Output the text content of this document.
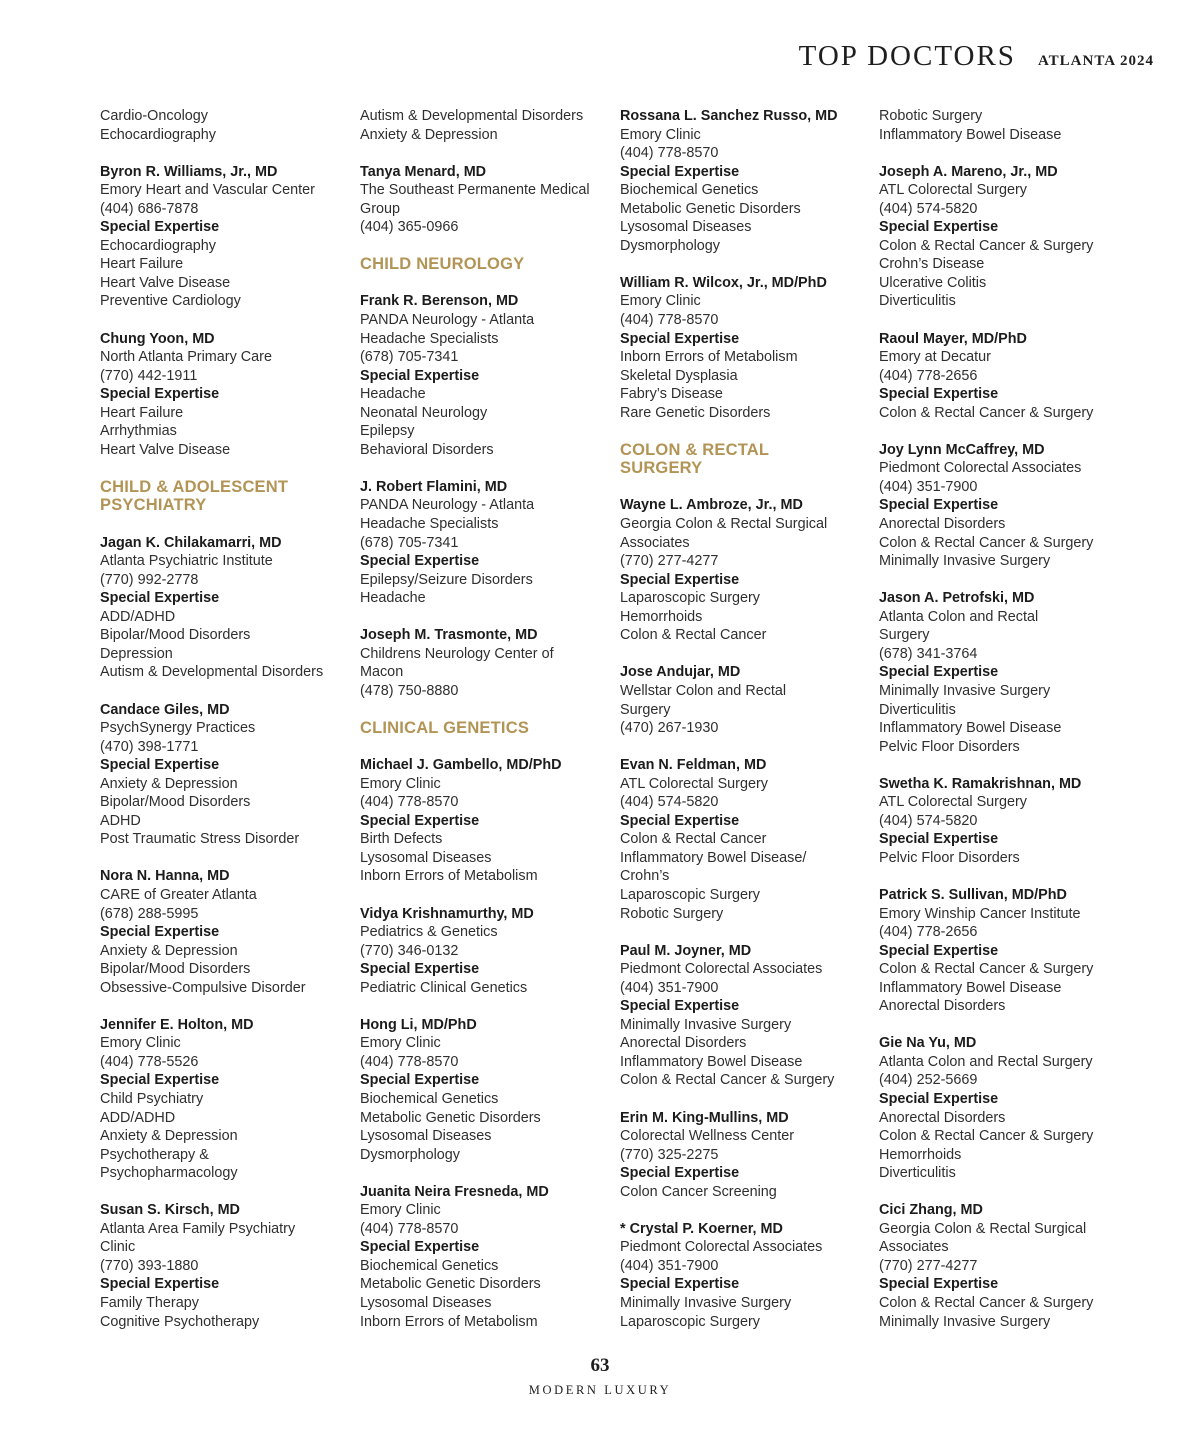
TOP DOCTORS ATLANTA 2024
Cardio-Oncology
Echocardiography
Byron R. Williams, Jr., MD
Emory Heart and Vascular Center
(404) 686-7878
Special Expertise
Echocardiography
Heart Failure
Heart Valve Disease
Preventive Cardiology
Chung Yoon, MD
North Atlanta Primary Care
(770) 442-1911
Special Expertise
Heart Failure
Arrhythmias
Heart Valve Disease
CHILD & ADOLESCENT
PSYCHIATRY
Jagan K. Chilakamarri, MD
Atlanta Psychiatric Institute
(770) 992-2778
Special Expertise
ADD/ADHD
Bipolar/Mood Disorders
Depression
Autism & Developmental Disorders
Candace Giles, MD
PsychSynergy Practices
(470) 398-1771
Special Expertise
Anxiety & Depression
Bipolar/Mood Disorders
ADHD
Post Traumatic Stress Disorder
Nora N. Hanna, MD
CARE of Greater Atlanta
(678) 288-5995
Special Expertise
Anxiety & Depression
Bipolar/Mood Disorders
Obsessive-Compulsive Disorder
Jennifer E. Holton, MD
Emory Clinic
(404) 778-5526
Special Expertise
Child Psychiatry
ADD/ADHD
Anxiety & Depression
Psychotherapy &
Psychopharmacology
Susan S. Kirsch, MD
Atlanta Area Family Psychiatry
Clinic
(770) 393-1880
Special Expertise
Family Therapy
Cognitive Psychotherapy
Autism & Developmental Disorders
Anxiety & Depression
Tanya Menard, MD
The Southeast Permanente Medical
Group
(404) 365-0966
CHILD NEUROLOGY
Frank R. Berenson, MD
PANDA Neurology - Atlanta
Headache Specialists
(678) 705-7341
Special Expertise
Headache
Neonatal Neurology
Epilepsy
Behavioral Disorders
J. Robert Flamini, MD
PANDA Neurology - Atlanta
Headache Specialists
(678) 705-7341
Special Expertise
Epilepsy/Seizure Disorders
Headache
Joseph M. Trasmonte, MD
Childrens Neurology Center of
Macon
(478) 750-8880
CLINICAL GENETICS
Michael J. Gambello, MD/PhD
Emory Clinic
(404) 778-8570
Special Expertise
Birth Defects
Lysosomal Diseases
Inborn Errors of Metabolism
Vidya Krishnamurthy, MD
Pediatrics & Genetics
(770) 346-0132
Special Expertise
Pediatric Clinical Genetics
Hong Li, MD/PhD
Emory Clinic
(404) 778-8570
Special Expertise
Biochemical Genetics
Metabolic Genetic Disorders
Lysosomal Diseases
Dysmorphology
Juanita Neira Fresneda, MD
Emory Clinic
(404) 778-8570
Special Expertise
Biochemical Genetics
Metabolic Genetic Disorders
Lysosomal Diseases
Inborn Errors of Metabolism
Rossana L. Sanchez Russo, MD
Emory Clinic
(404) 778-8570
Special Expertise
Biochemical Genetics
Metabolic Genetic Disorders
Lysosomal Diseases
Dysmorphology
William R. Wilcox, Jr., MD/PhD
Emory Clinic
(404) 778-8570
Special Expertise
Inborn Errors of Metabolism
Skeletal Dysplasia
Fabry’s Disease
Rare Genetic Disorders
COLON & RECTAL
SURGERY
Wayne L. Ambroze, Jr., MD
Georgia Colon & Rectal Surgical
Associates
(770) 277-4277
Special Expertise
Laparoscopic Surgery
Hemorrhoids
Colon & Rectal Cancer
Jose Andujar, MD
Wellstar Colon and Rectal
Surgery
(470) 267-1930
Evan N. Feldman, MD
ATL Colorectal Surgery
(404) 574-5820
Special Expertise
Colon & Rectal Cancer
Inflammatory Bowel Disease/
Crohn’s
Laparoscopic Surgery
Robotic Surgery
Paul M. Joyner, MD
Piedmont Colorectal Associates
(404) 351-7900
Special Expertise
Minimally Invasive Surgery
Anorectal Disorders
Inflammatory Bowel Disease
Colon & Rectal Cancer & Surgery
Erin M. King-Mullins, MD
Colorectal Wellness Center
(770) 325-2275
Special Expertise
Colon Cancer Screening
* Crystal P. Koerner, MD
Piedmont Colorectal Associates
(404) 351-7900
Special Expertise
Minimally Invasive Surgery
Laparoscopic Surgery
Robotic Surgery
Inflammatory Bowel Disease
Joseph A. Mareno, Jr., MD
ATL Colorectal Surgery
(404) 574-5820
Special Expertise
Colon & Rectal Cancer & Surgery
Crohn’s Disease
Ulcerative Colitis
Diverticulitis
Raoul Mayer, MD/PhD
Emory at Decatur
(404) 778-2656
Special Expertise
Colon & Rectal Cancer & Surgery
Joy Lynn McCaffrey, MD
Piedmont Colorectal Associates
(404) 351-7900
Special Expertise
Anorectal Disorders
Colon & Rectal Cancer & Surgery
Minimally Invasive Surgery
Jason A. Petrofski, MD
Atlanta Colon and Rectal
Surgery
(678) 341-3764
Special Expertise
Minimally Invasive Surgery
Diverticulitis
Inflammatory Bowel Disease
Pelvic Floor Disorders
Swetha K. Ramakrishnan, MD
ATL Colorectal Surgery
(404) 574-5820
Special Expertise
Pelvic Floor Disorders
Patrick S. Sullivan, MD/PhD
Emory Winship Cancer Institute
(404) 778-2656
Special Expertise
Colon & Rectal Cancer & Surgery
Inflammatory Bowel Disease
Anorectal Disorders
Gie Na Yu, MD
Atlanta Colon and Rectal Surgery
(404) 252-5669
Special Expertise
Anorectal Disorders
Colon & Rectal Cancer & Surgery
Hemorrhoids
Diverticulitis
Cici Zhang, MD
Georgia Colon & Rectal Surgical
Associates
(770) 277-4277
Special Expertise
Colon & Rectal Cancer & Surgery
Minimally Invasive Surgery
63
MODERN LUXURY
